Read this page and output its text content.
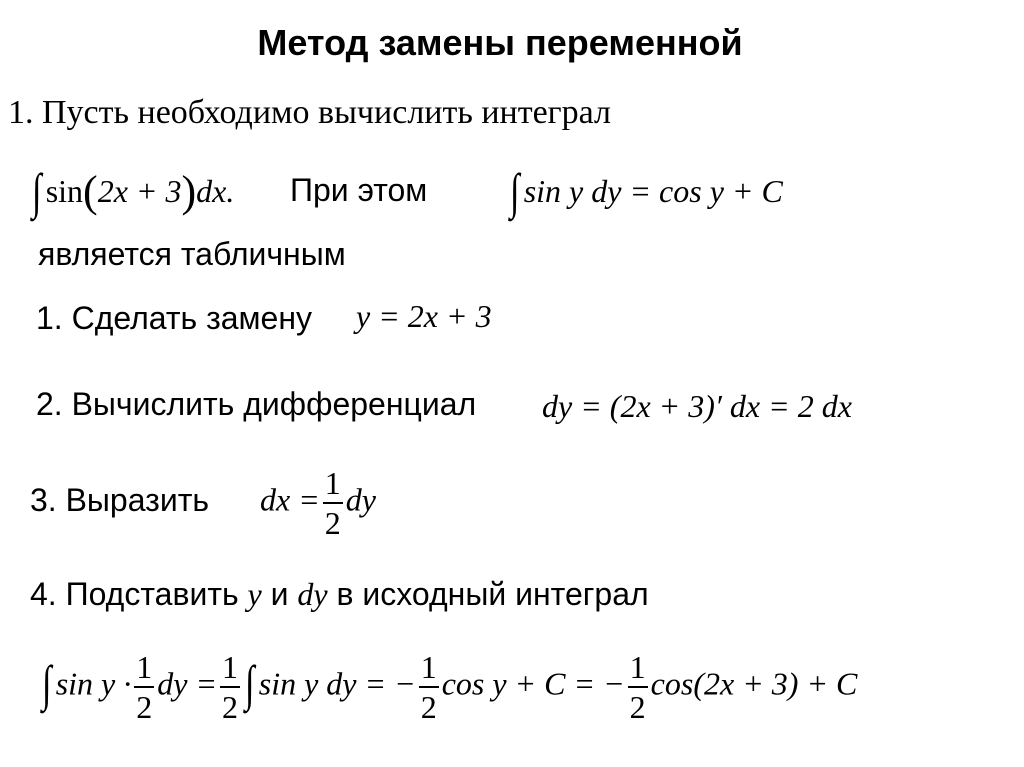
Метод замены переменной
1. Пусть необходимо вычислить интеграл
∫ sin(2x + 3)dx. При этом ∫ sin y dy = cos y + C
является табличным
1. Сделать замену y = 2x + 3
2. Вычислить дифференциал dy = (2x + 3)′ dx = 2 dx
3. Выразить dx = $\frac{1}{2}$ dy
4. Подставить y и dy в исходный интеграл
∫ $\sin y \cdot \frac{1}{2}$ dy = $\frac{1}{2}$ ∫ sin y dy = − $\frac{1}{2}$ cos y + C = − $\frac{1}{2} \cos(2x + 3) + C$
